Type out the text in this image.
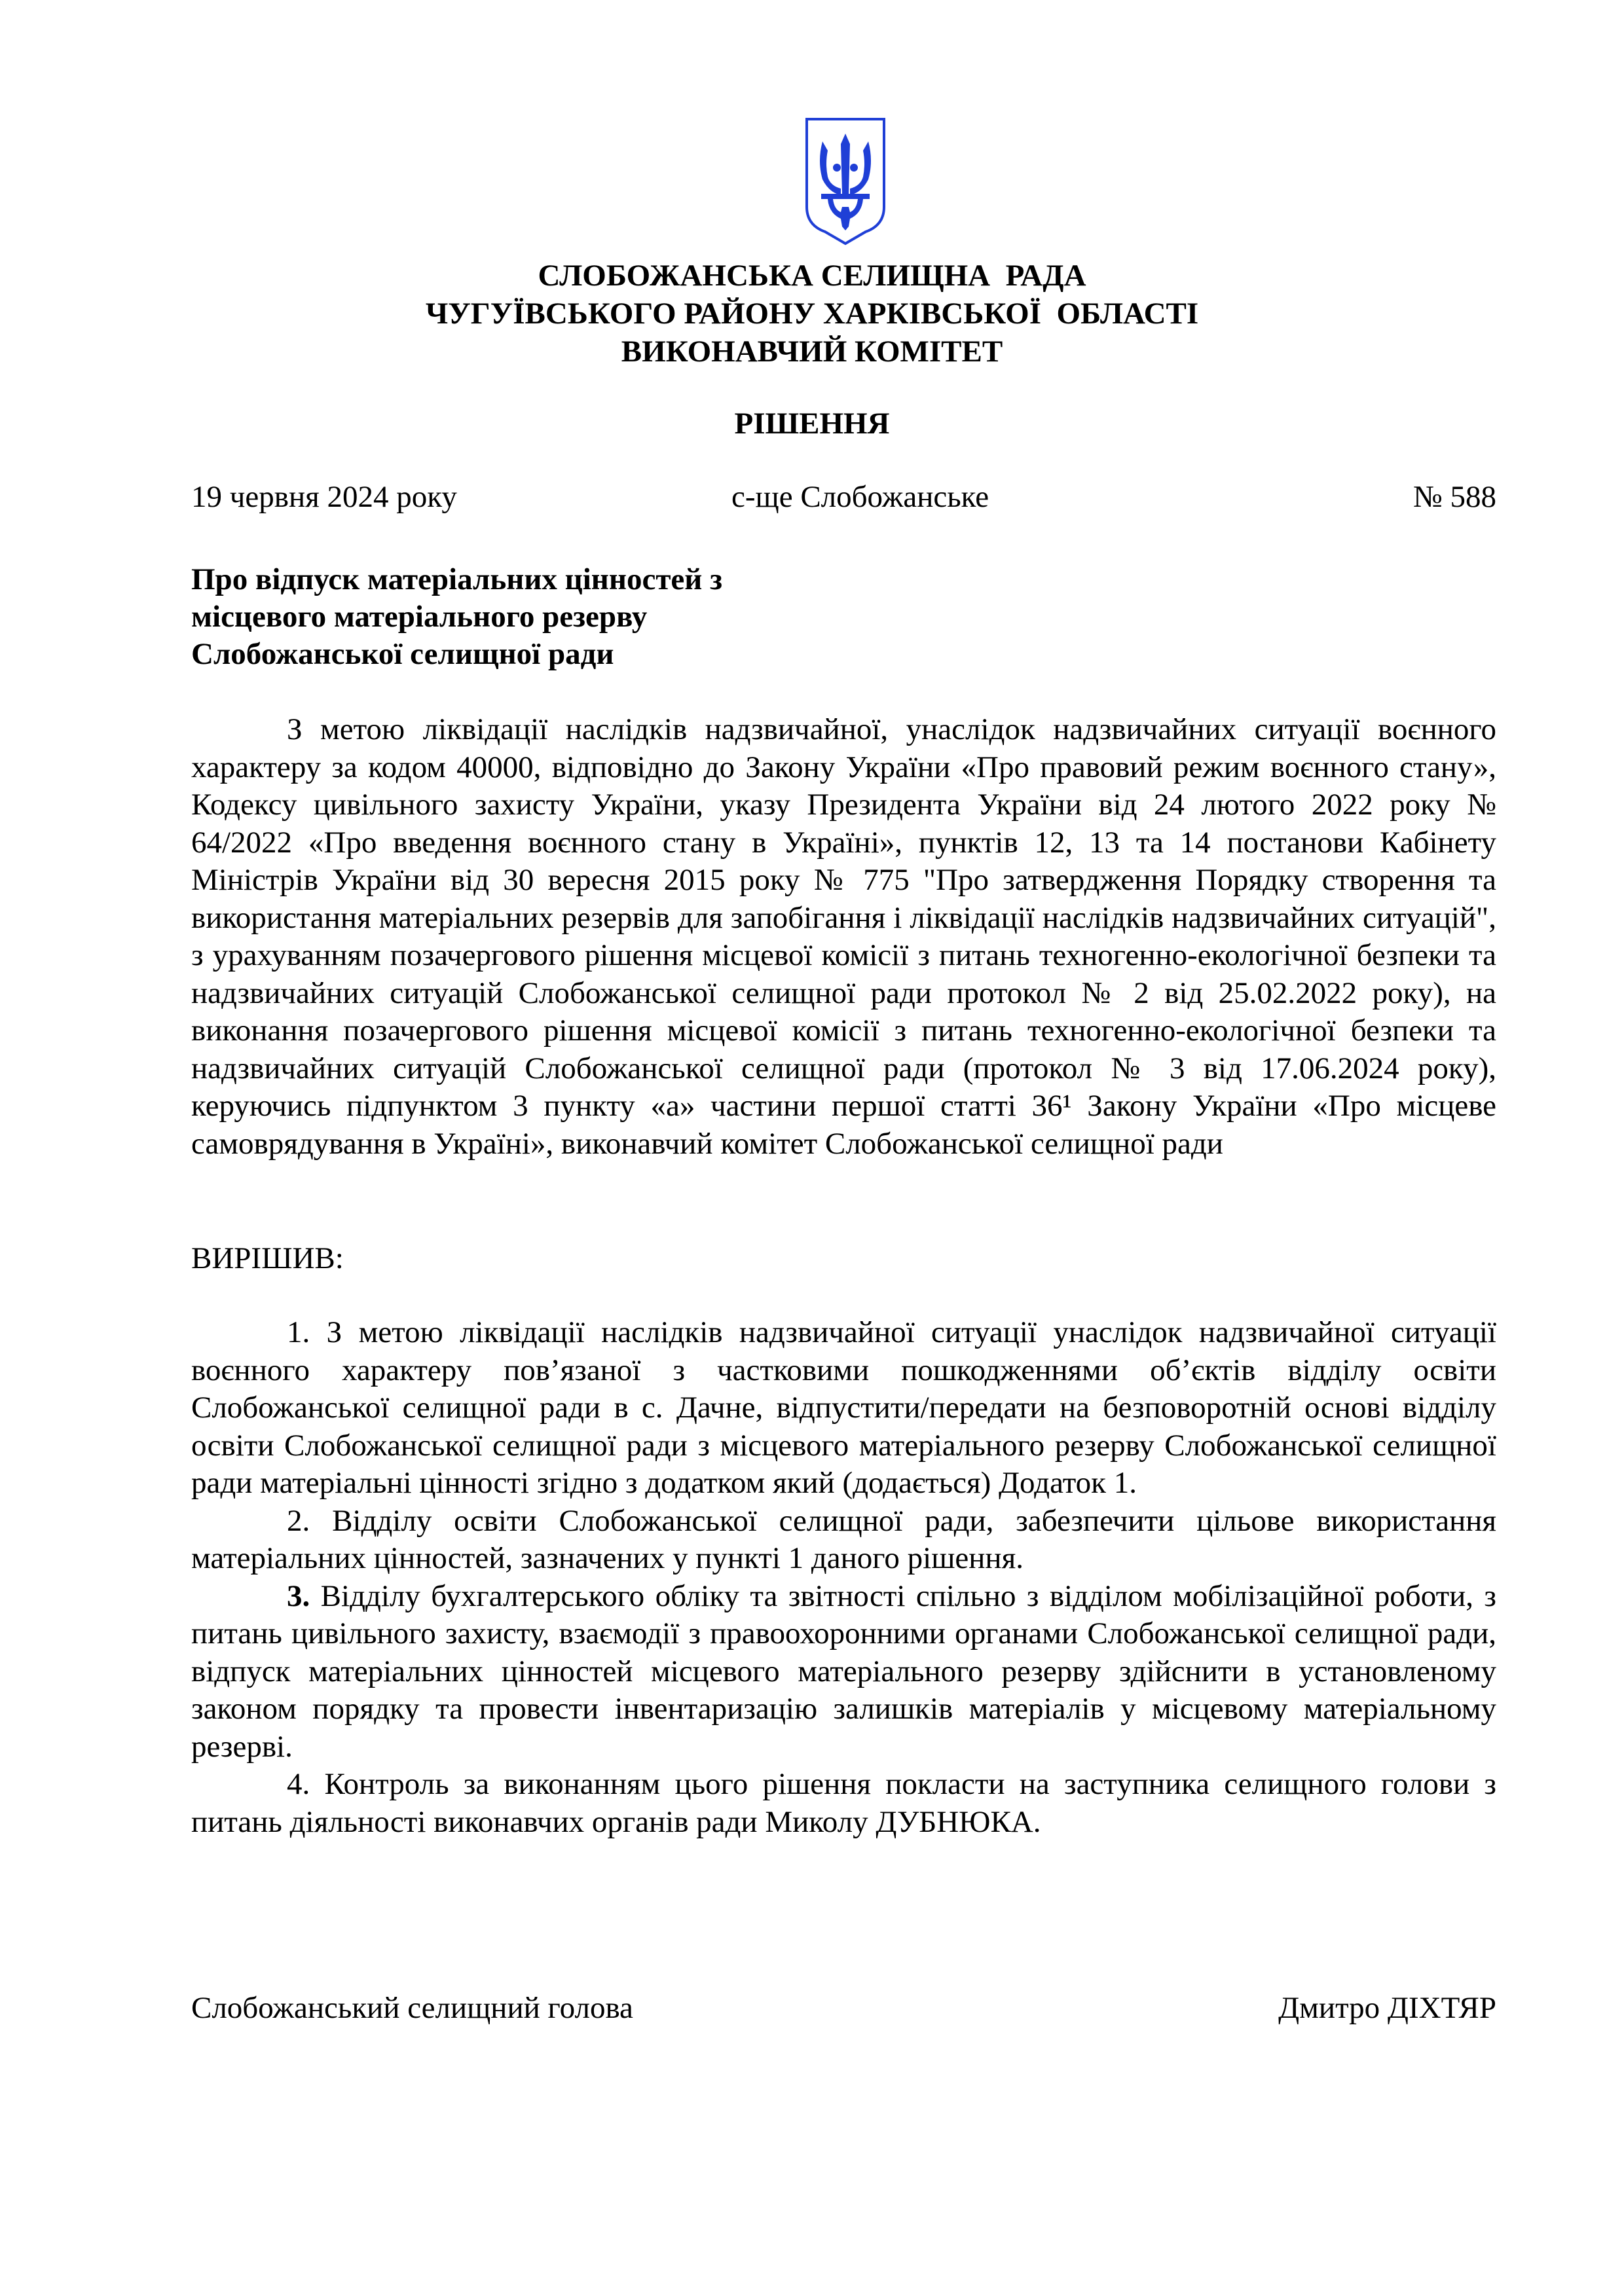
СЛОБОЖАНСЬКА СЕЛИЩНА  РАДА
ЧУГУЇВСЬКОГО РАЙОНУ ХАРКІВСЬКОЇ  ОБЛАСТІ
ВИКОНАВЧИЙ КОМІТЕТ
РІШЕННЯ
19 червня 2024 року	с-ще Слобожанське	№ 588
Про відпуск матеріальних цінностей з
місцевого матеріального резерву
Слобожанської селищної ради

З метою ліквідації наслідків надзвичайної, унаслідок надзвичайних ситуації воєнного характеру за кодом 40000, відповідно до Закону України «Про правовий режим воєнного стану», Кодексу цивільного захисту України, указу Президента України від 24 лютого 2022 року № 64/2022 «Про введення воєнного стану в Україні», пунктів 12, 13 та 14 постанови Кабінету Міністрів України від 30 вересня 2015 року № 775 "Про затвердження Порядку створення та використання матеріальних резервів для запобігання і ліквідації наслідків надзвичайних ситуацій", з урахуванням позачергового рішення місцевої комісії з питань техногенно-екологічної безпеки та надзвичайних ситуацій Слобожанської селищної ради протокол № 2 від 25.02.2022 року), на виконання позачергового рішення місцевої комісії з питань техногенно-екологічної безпеки та надзвичайних ситуацій Слобожанської селищної ради (протокол № 3 від 17.06.2024 року), керуючись підпунктом 3 пункту «а» частини першої статті 36¹ Закону України «Про місцеве самоврядування в Україні», виконавчий комітет Слобожанської селищної ради

ВИРІШИВ:

1. З метою ліквідації наслідків надзвичайної ситуації унаслідок надзвичайної ситуації воєнного характеру пов’язаної з частковими пошкодженнями об’єктів відділу освіти Слобожанської селищної ради в с. Дачне, відпустити/передати на безповоротній основі відділу освіти Слобожанської селищної ради з місцевого матеріального резерву Слобожанської селищної ради матеріальні цінності згідно з додатком який (додається) Додаток 1.

2. Відділу освіти Слобожанської селищної ради, забезпечити цільове використання матеріальних цінностей, зазначених у пункті 1 даного рішення.

3. Відділу бухгалтерського обліку та звітності спільно з відділом мобілізаційної роботи, з питань цивільного захисту, взаємодії з правоохоронними органами Слобожанської селищної ради, відпуск матеріальних цінностей місцевого матеріального резерву здійснити в установленому законом порядку та провести інвентаризацію залишків матеріалів у місцевому матеріальному резерві.

4. Контроль за виконанням цього рішення покласти на заступника селищного голови з питань діяльності виконавчих органів ради Миколу ДУБНЮКА.

Слобожанський селищний голова	Дмитро ДІХТЯР
